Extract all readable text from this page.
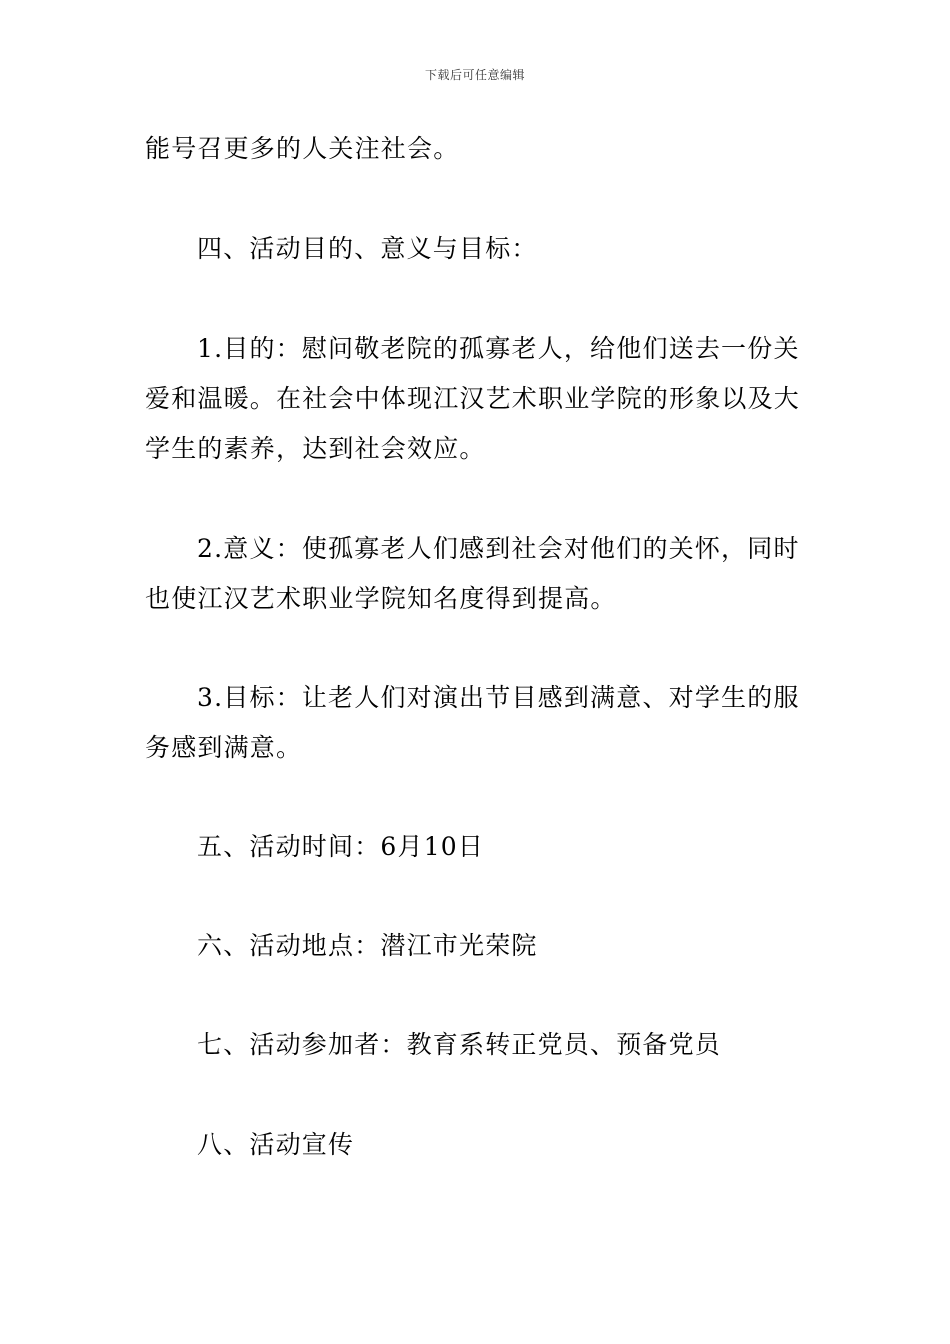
下载后可任意编辑
能号召更多的人关注社会。
四、活动目的、意义与目标：
1.目的：慰问敬老院的孤寡老人，给他们送去一份关
爱和温暖。在社会中体现江汉艺术职业学院的形象以及大
学生的素养，达到社会效应。
2.意义：使孤寡老人们感到社会对他们的关怀，同时
也使江汉艺术职业学院知名度得到提高。
3.目标：让老人们对演出节目感到满意、对学生的服
务感到满意。
五、活动时间：6月10日
六、活动地点：潜江市光荣院
七、活动参加者：教育系转正党员、预备党员
八、活动宣传
